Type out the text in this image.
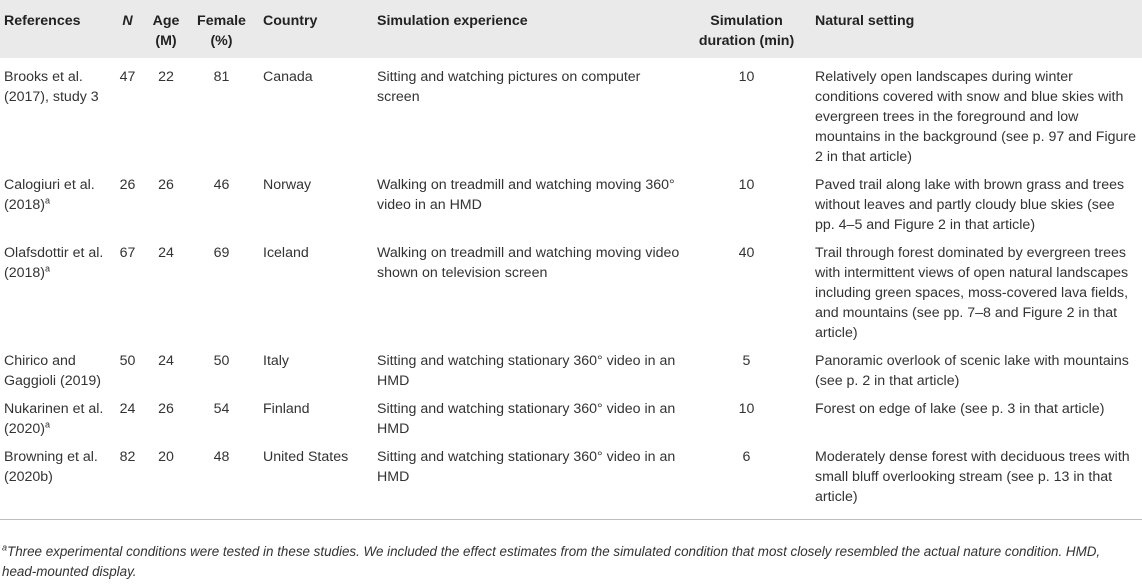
References	N	Age (M)	Female (%)	Country	Simulation experience	Simulation duration (min)	Natural setting
Brooks et al. (2017), study 3	47	22	81	Canada	Sitting and watching pictures on computer screen	10	Relatively open landscapes during winter conditions covered with snow and blue skies with evergreen trees in the foreground and low mountains in the background (see p. 97 and Figure 2 in that article)
Calogiuri et al. $(2018)^a$	26	26	46	Norway	Walking on treadmill and watching moving 360° video in an HMD	10	Paved trail along lake with brown grass and trees without leaves and partly cloudy blue skies (see pp. 4–5 and Figure 2 in that article)
Olafsdottir et al. $(2018)^a$	67	24	69	Iceland	Walking on treadmill and watching moving video shown on television screen	40	Trail through forest dominated by evergreen trees with intermittent views of open natural landscapes including green spaces, moss-covered lava fields, and mountains (see pp. 7–8 and Figure 2 in that article)
Chirico and Gaggioli (2019)	50	24	50	Italy	Sitting and watching stationary 360° video in an HMD	5	Panoramic overlook of scenic lake with mountains (see p. 2 in that article)
Nukarinen et al. $(2020)^a$	24	26	54	Finland	Sitting and watching stationary 360° video in an HMD	10	Forest on edge of lake (see p. 3 in that article)
Browning et al. (2020b)	82	20	48	United States	Sitting and watching stationary 360° video in an HMD	6	Moderately dense forest with deciduous trees with small bluff overlooking stream (see p. 13 in that article)
$^a$Three experimental conditions were tested in these studies. We included the effect estimates from the simulated condition that most closely resembled the actual nature condition. HMD, head-mounted display.
